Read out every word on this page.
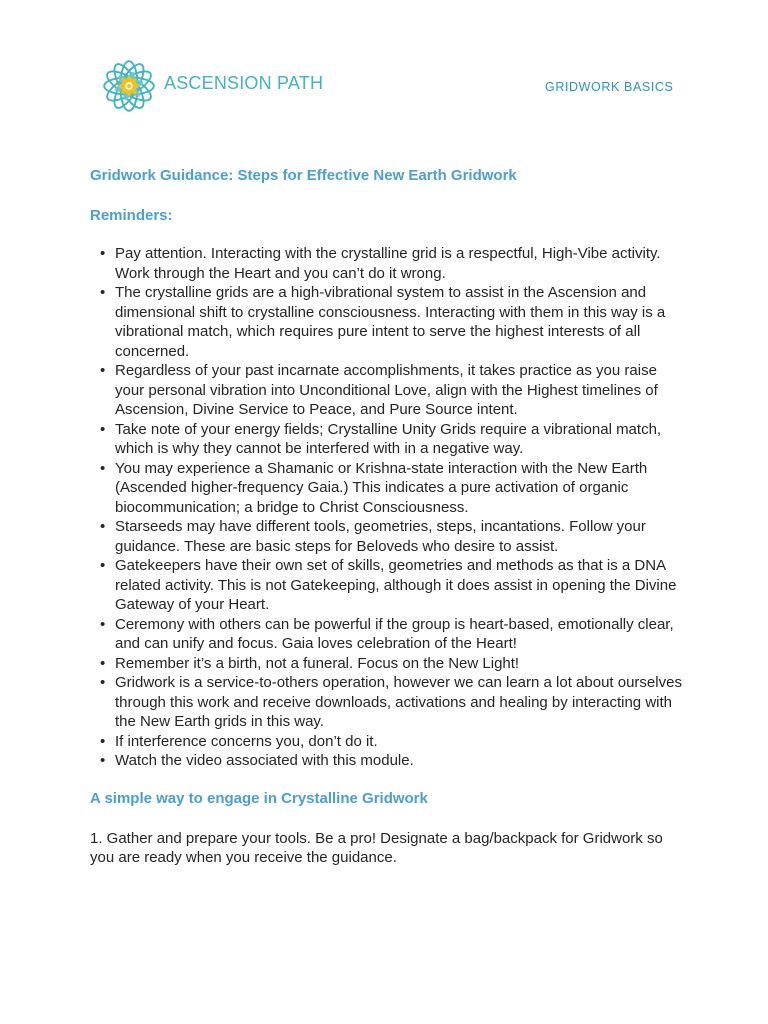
ASCENSION PATH	GRIDWORK BASICS
Gridwork Guidance: Steps for Effective New Earth Gridwork
Reminders:
• Pay attention. Interacting with the crystalline grid is a respectful, High-Vibe activity. Work through the Heart and you can’t do it wrong.
• The crystalline grids are a high-vibrational system to assist in the Ascension and dimensional shift to crystalline consciousness. Interacting with them in this way is a vibrational match, which requires pure intent to serve the highest interests of all concerned.
• Regardless of your past incarnate accomplishments, it takes practice as you raise your personal vibration into Unconditional Love, align with the Highest timelines of Ascension, Divine Service to Peace, and Pure Source intent.
• Take note of your energy fields; Crystalline Unity Grids require a vibrational match, which is why they cannot be interfered with in a negative way.
• You may experience a Shamanic or Krishna-state interaction with the New Earth (Ascended higher-frequency Gaia.) This indicates a pure activation of organic biocommunication; a bridge to Christ Consciousness.
• Starseeds may have different tools, geometries, steps, incantations. Follow your guidance. These are basic steps for Beloveds who desire to assist.
• Gatekeepers have their own set of skills, geometries and methods as that is a DNA related activity. This is not Gatekeeping, although it does assist in opening the Divine Gateway of your Heart.
• Ceremony with others can be powerful if the group is heart-based, emotionally clear, and can unify and focus. Gaia loves celebration of the Heart!
• Remember it’s a birth, not a funeral. Focus on the New Light!
• Gridwork is a service-to-others operation, however we can learn a lot about ourselves through this work and receive downloads, activations and healing by interacting with the New Earth grids in this way.
• If interference concerns you, don’t do it.
• Watch the video associated with this module.
A simple way to engage in Crystalline Gridwork

1. Gather and prepare your tools. Be a pro! Designate a bag/backpack for Gridwork so you are ready when you receive the guidance.
